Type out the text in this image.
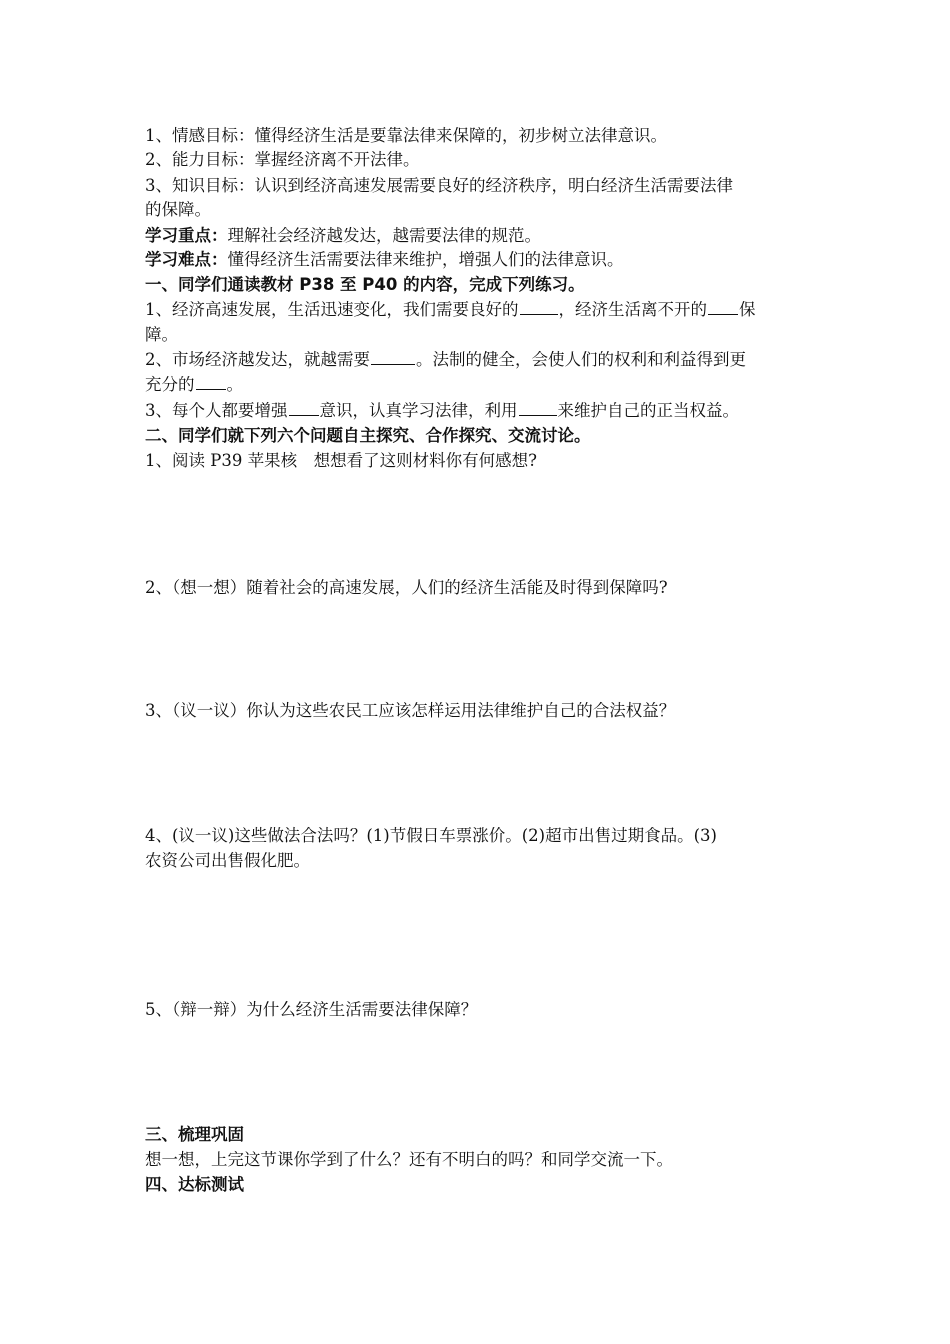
1、情感目标：懂得经济生活是要靠法律来保障的，初步树立法律意识。
2、能力目标：掌握经济离不开法律。
3、知识目标：认识到经济高速发展需要良好的经济秩序，明白经济生活需要法律
的保障。
学习重点：理解社会经济越发达，越需要法律的规范。
学习难点：懂得经济生活需要法律来维护，增强人们的法律意识。
一、同学们通读教材 P38 至 P40 的内容，完成下列练习。
1、经济高速发展，生活迅速变化，我们需要良好的 ，经济生活离不开的 保
障。
2、市场经济越发达，就越需要	。法制的健全，会使人们的权利和利益得到更
充分的 。
3、每个人都要增强 意识，认真学习法律，利用 来维护自己的正当权益。
二、同学们就下列六个问题自主探究、合作探究、交流讨论。
1、阅读 P39 苹果核　想想看了这则材料你有何感想?
2、（想一想）随着社会的高速发展，人们的经济生活能及时得到保障吗?
3、（议一议）你认为这些农民工应该怎样运用法律维护自己的合法权益？
4、(议一议)这些做法合法吗？(1)节假日车票涨价。(2)超市出售过期食品。(3)
农资公司出售假化肥。
5、（辩一辩）为什么经济生活需要法律保障？
三、梳理巩固
想一想，上完这节课你学到了什么？还有不明白的吗？和同学交流一下。
四、达标测试
